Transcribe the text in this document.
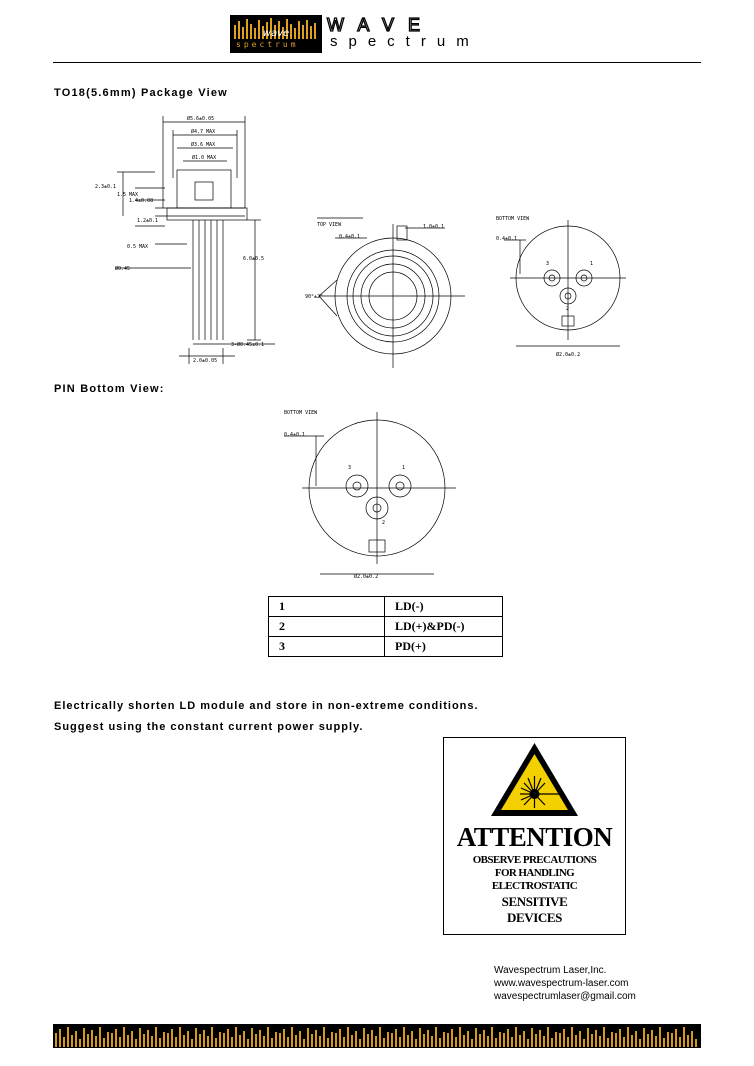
wave
spectrum
WAVE
spectrum
TO18(5.6mm) Package View
Ø5.6±0.05
Ø4.7 MAX
Ø3.6 MAX
Ø1.0 MAX
2.3±0.1
1.5 MAX
1.4±0.08
1.2±0.1
0.5 MAX
Ø0.45
6.0±0.5
2.0±0.05
3-Ø0.45±0.1
TOP VIEW
0.4±0.1
1.0±0.1
90°±2°
BOTTOM VIEW
0.4±0.1
Ø2.0±0.2
3	1
2
PIN Bottom View:
BOTTOM VIEW
0.4±0.1
Ø2.0±0.2
3	1
2
1	LD(-)
2	LD(+)&PD(-)
3	PD(+)
Electrically shorten LD module and store in non-extreme conditions.
Suggest using the constant current power supply.
ATTENTION
OBSERVE PRECAUTIONS
FOR HANDLING
ELECTROSTATIC
SENSITIVE
DEVICES
Wavespectrum Laser,Inc.
www.wavespectrum-laser.com
wavespectrumlaser@gmail.com
